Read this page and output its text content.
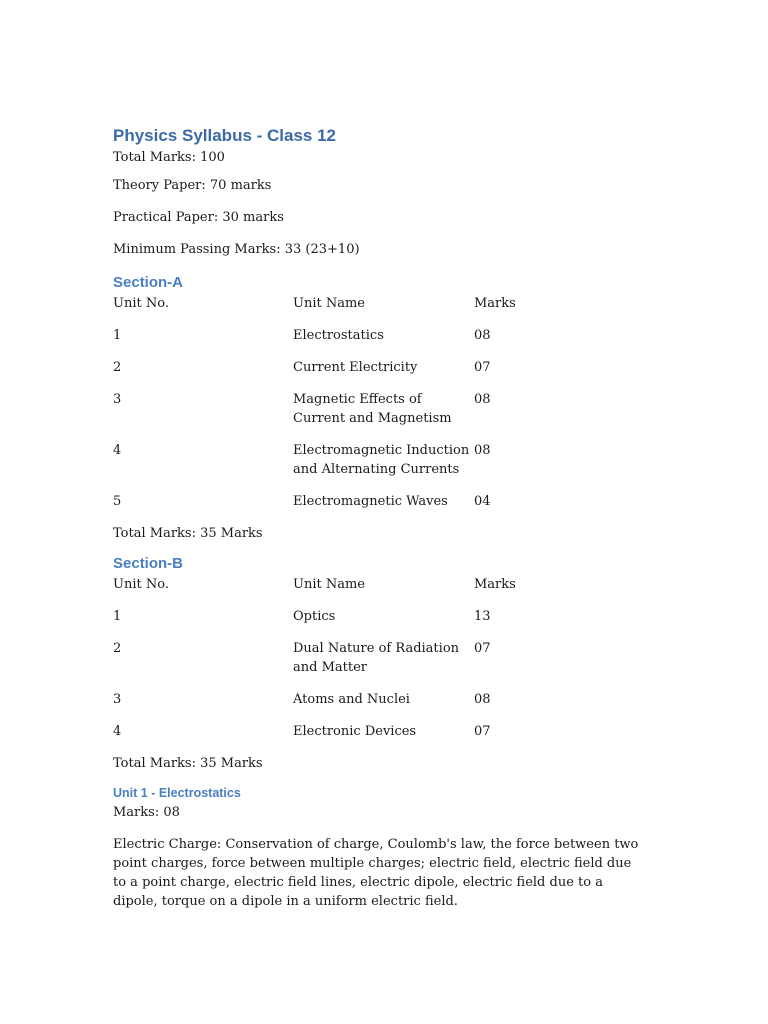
Physics Syllabus - Class 12

Total Marks: 100

Theory Paper: 70 marks

Practical Paper: 30 marks

Minimum Passing Marks: 33 (23+10)

Section-A
Unit No.	Unit Name	Marks
1	Electrostatics	08
2	Current Electricity	07
3	Magnetic Effects of Current and Magnetism	08
4	Electromagnetic Induction and Alternating Currents	08
5	Electromagnetic Waves	04

Total Marks: 35 Marks

Section-B
Unit No.	Unit Name	Marks
1	Optics	13
2	Dual Nature of Radiation and Matter	07
3	Atoms and Nuclei	08
4	Electronic Devices	07

Total Marks: 35 Marks

Unit 1 - Electrostatics

Marks: 08

Electric Charge: Conservation of charge, Coulomb's law, the force between two point charges, force between multiple charges; electric field, electric field due to a point charge, electric field lines, electric dipole, electric field due to a dipole, torque on a dipole in a uniform electric field.
